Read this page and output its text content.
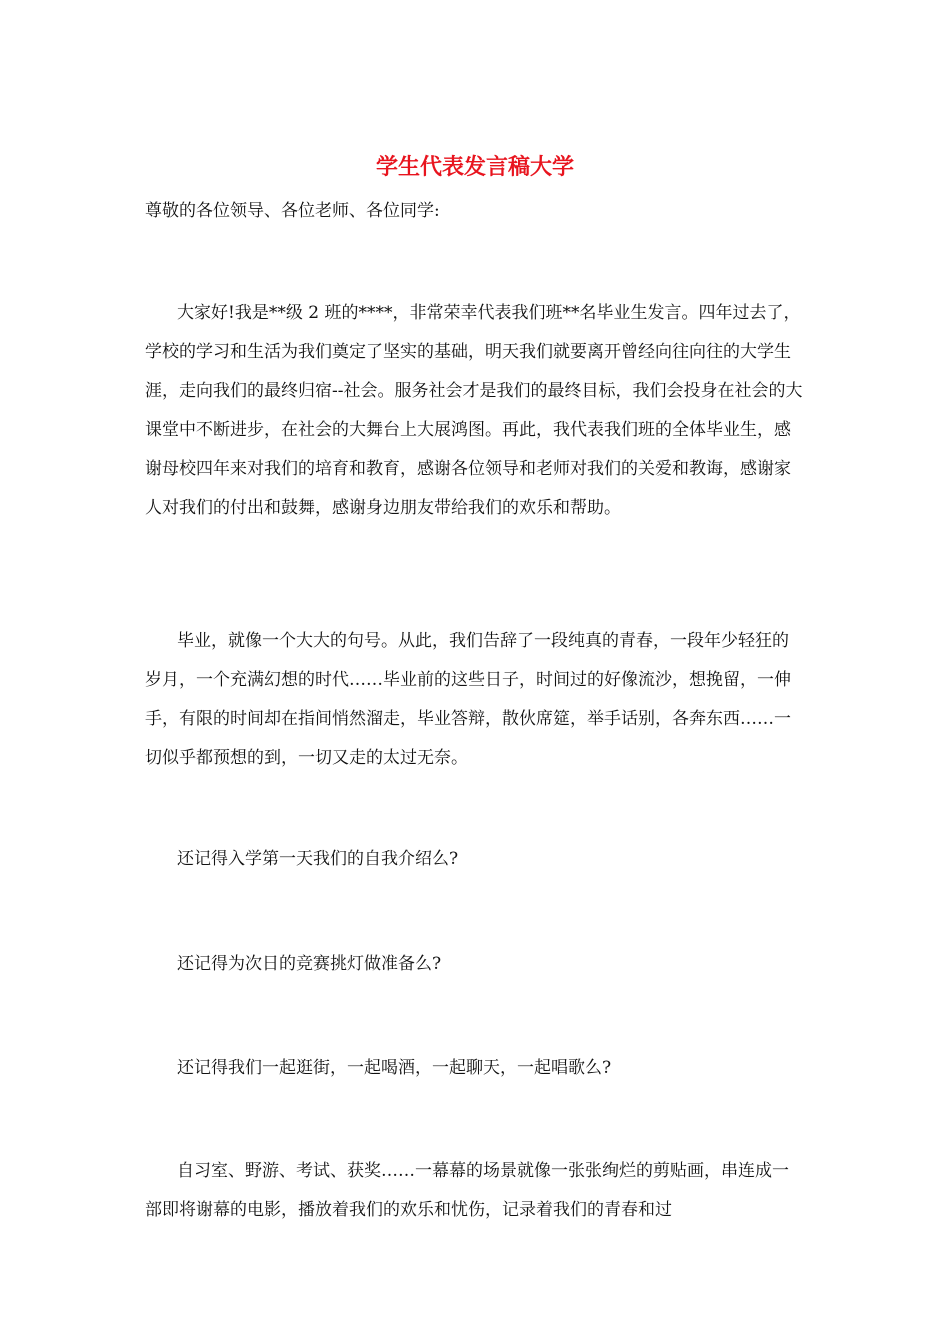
学生代表发言稿大学
尊敬的各位领导、各位老师、各位同学:

大家好!我是**级 2 班的****，非常荣幸代表我们班**名毕业生发言。四年过去了，学校的学习和生活为我们奠定了坚实的基础，明天我们就要离开曾经向往向往的大学生涯，走向我们的最终归宿--社会。服务社会才是我们的最终目标，我们会投身在社会的大课堂中不断进步，在社会的大舞台上大展鸿图。再此，我代表我们班的全体毕业生，感谢母校四年来对我们的培育和教育，感谢各位领导和老师对我们的关爱和教诲，感谢家人对我们的付出和鼓舞，感谢身边朋友带给我们的欢乐和帮助。

毕业，就像一个大大的句号。从此，我们告辞了一段纯真的青春，一段年少轻狂的岁月，一个充满幻想的时代……毕业前的这些日子，时间过的好像流沙，想挽留，一伸手，有限的时间却在指间悄然溜走，毕业答辩，散伙席筵，举手话别，各奔东西……一切似乎都预想的到，一切又走的太过无奈。

还记得入学第一天我们的自我介绍么?

还记得为次日的竞赛挑灯做准备么?

还记得我们一起逛街，一起喝酒，一起聊天，一起唱歌么?

自习室、野游、考试、获奖……一幕幕的场景就像一张张绚烂的剪贴画，串连成一部即将谢幕的电影，播放着我们的欢乐和忧伤，记录着我们的青春和过
